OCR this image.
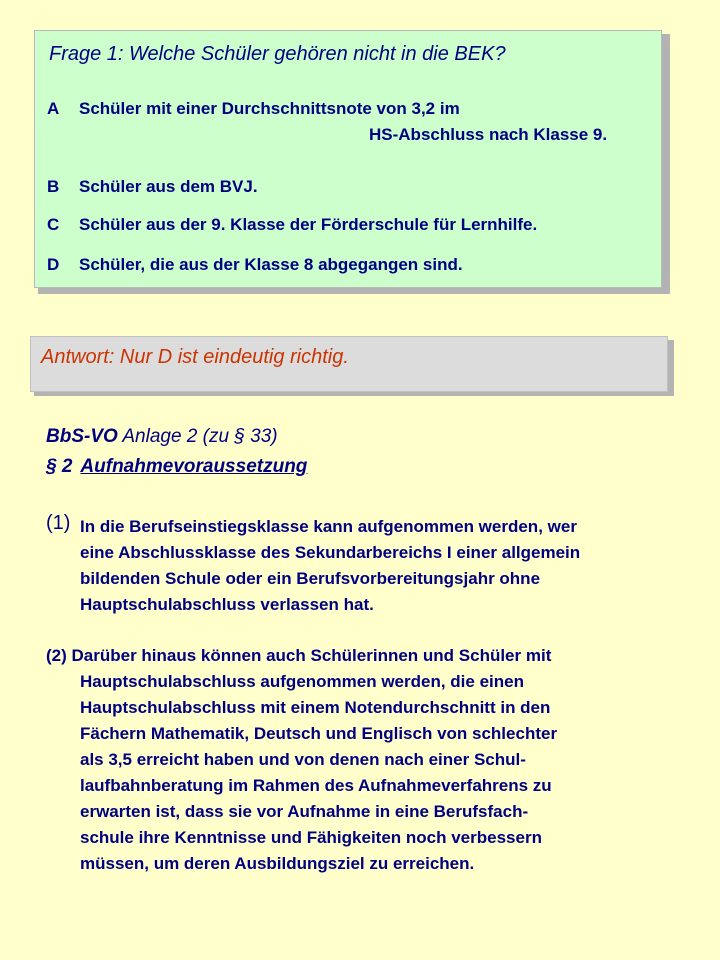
Frage 1: Welche Schüler gehören nicht in die BEK?
A Schüler mit einer Durchschnittsnote von 3,2 im
HS-Abschluss nach Klasse 9.
B Schüler aus dem BVJ.
C Schüler aus der 9. Klasse der Förderschule für Lernhilfe.
D Schüler, die aus der Klasse 8 abgegangen sind.
Antwort: Nur D ist eindeutig richtig.
BbS-VO Anlage 2 (zu § 33)
§ 2 Aufnahmevoraussetzung
(1) In die Berufseinstiegsklasse kann aufgenommen werden, wer
eine Abschlussklasse des Sekundarbereichs I einer allgemein
bildenden Schule oder ein Berufsvorbereitungsjahr ohne
Hauptschulabschluss verlassen hat.
(2) Darüber hinaus können auch Schülerinnen und Schüler mit
Hauptschulabschluss aufgenommen werden, die einen
Hauptschulabschluss mit einem Notendurchschnitt in den
Fächern Mathematik, Deutsch und Englisch von schlechter
als 3,5 erreicht haben und von denen nach einer Schul-
laufbahnberatung im Rahmen des Aufnahmeverfahrens zu
erwarten ist, dass sie vor Aufnahme in eine Berufsfach-
schule ihre Kenntnisse und Fähigkeiten noch verbessern
müssen, um deren Ausbildungsziel zu erreichen.
